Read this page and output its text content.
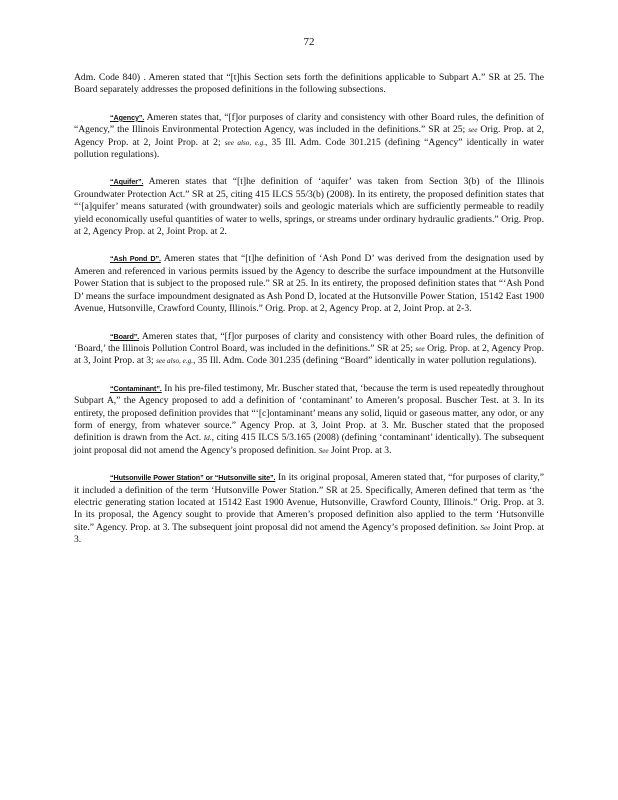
72

Adm. Code 840) . Ameren stated that “[t]his Section sets forth the definitions applicable to Subpart A.” SR at 25. The Board separately addresses the proposed definitions in the following subsections.

“Agency”. Ameren states that, “[f]or purposes of clarity and consistency with other Board rules, the definition of “Agency,” the Illinois Environmental Protection Agency, was included in the definitions.” SR at 25; see Orig. Prop. at 2, Agency Prop. at 2, Joint Prop. at 2; see also, e.g., 35 Ill. Adm. Code 301.215 (defining “Agency” identically in water pollution regulations).

“Aquifer”. Ameren states that “[t]he definition of ‘aquifer’ was taken from Section 3(b) of the Illinois Groundwater Protection Act.” SR at 25, citing 415 ILCS 55/3(b) (2008). In its entirety, the proposed definition states that “‘[a]quifer’ means saturated (with groundwater) soils and geologic materials which are sufficiently permeable to readily yield economically useful quantities of water to wells, springs, or streams under ordinary hydraulic gradients.” Orig. Prop. at 2, Agency Prop. at 2, Joint Prop. at 2.

“Ash Pond D”. Ameren states that “[t]he definition of ‘Ash Pond D’ was derived from the designation used by Ameren and referenced in various permits issued by the Agency to describe the surface impoundment at the Hutsonville Power Station that is subject to the proposed rule.” SR at 25. In its entirety, the proposed definition states that “‘Ash Pond D’ means the surface impoundment designated as Ash Pond D, located at the Hutsonville Power Station, 15142 East 1900 Avenue, Hutsonville, Crawford County, Illinois.” Orig. Prop. at 2, Agency Prop. at 2, Joint Prop. at 2-3.

“Board”. Ameren states that, “[f]or purposes of clarity and consistency with other Board rules, the definition of ‘Board,’ the Illinois Pollution Control Board, was included in the definitions.” SR at 25; see Orig. Prop. at 2, Agency Prop. at 3, Joint Prop. at 3; see also, e.g., 35 Ill. Adm. Code 301.235 (defining “Board” identically in water pollution regulations).

“Contaminant”. In his pre-filed testimony, Mr. Buscher stated that, ‘because the term is used repeatedly throughout Subpart A,” the Agency proposed to add a definition of ‘contaminant’ to Ameren’s proposal. Buscher Test. at 3. In its entirety, the proposed definition provides that “‘[c]ontaminant’ means any solid, liquid or gaseous matter, any odor, or any form of energy, from whatever source.” Agency Prop. at 3, Joint Prop. at 3. Mr. Buscher stated that the proposed definition is drawn from the Act. Id., citing 415 ILCS 5/3.165 (2008) (defining ‘contaminant’ identically). The subsequent joint proposal did not amend the Agency’s proposed definition. See Joint Prop. at 3.

“Hutsonville Power Station” or “Hutsonville site”. In its original proposal, Ameren stated that, “for purposes of clarity,” it included a definition of the term ‘Hutsonville Power Station.” SR at 25. Specifically, Ameren defined that term as ‘the electric generating station located at 15142 East 1900 Avenue, Hutsonville, Crawford County, Illinois.” Orig. Prop. at 3. In its proposal, the Agency sought to provide that Ameren’s proposed definition also applied to the term ‘Hutsonville site.” Agency. Prop. at 3. The subsequent joint proposal did not amend the Agency’s proposed definition. See Joint Prop. at 3.
